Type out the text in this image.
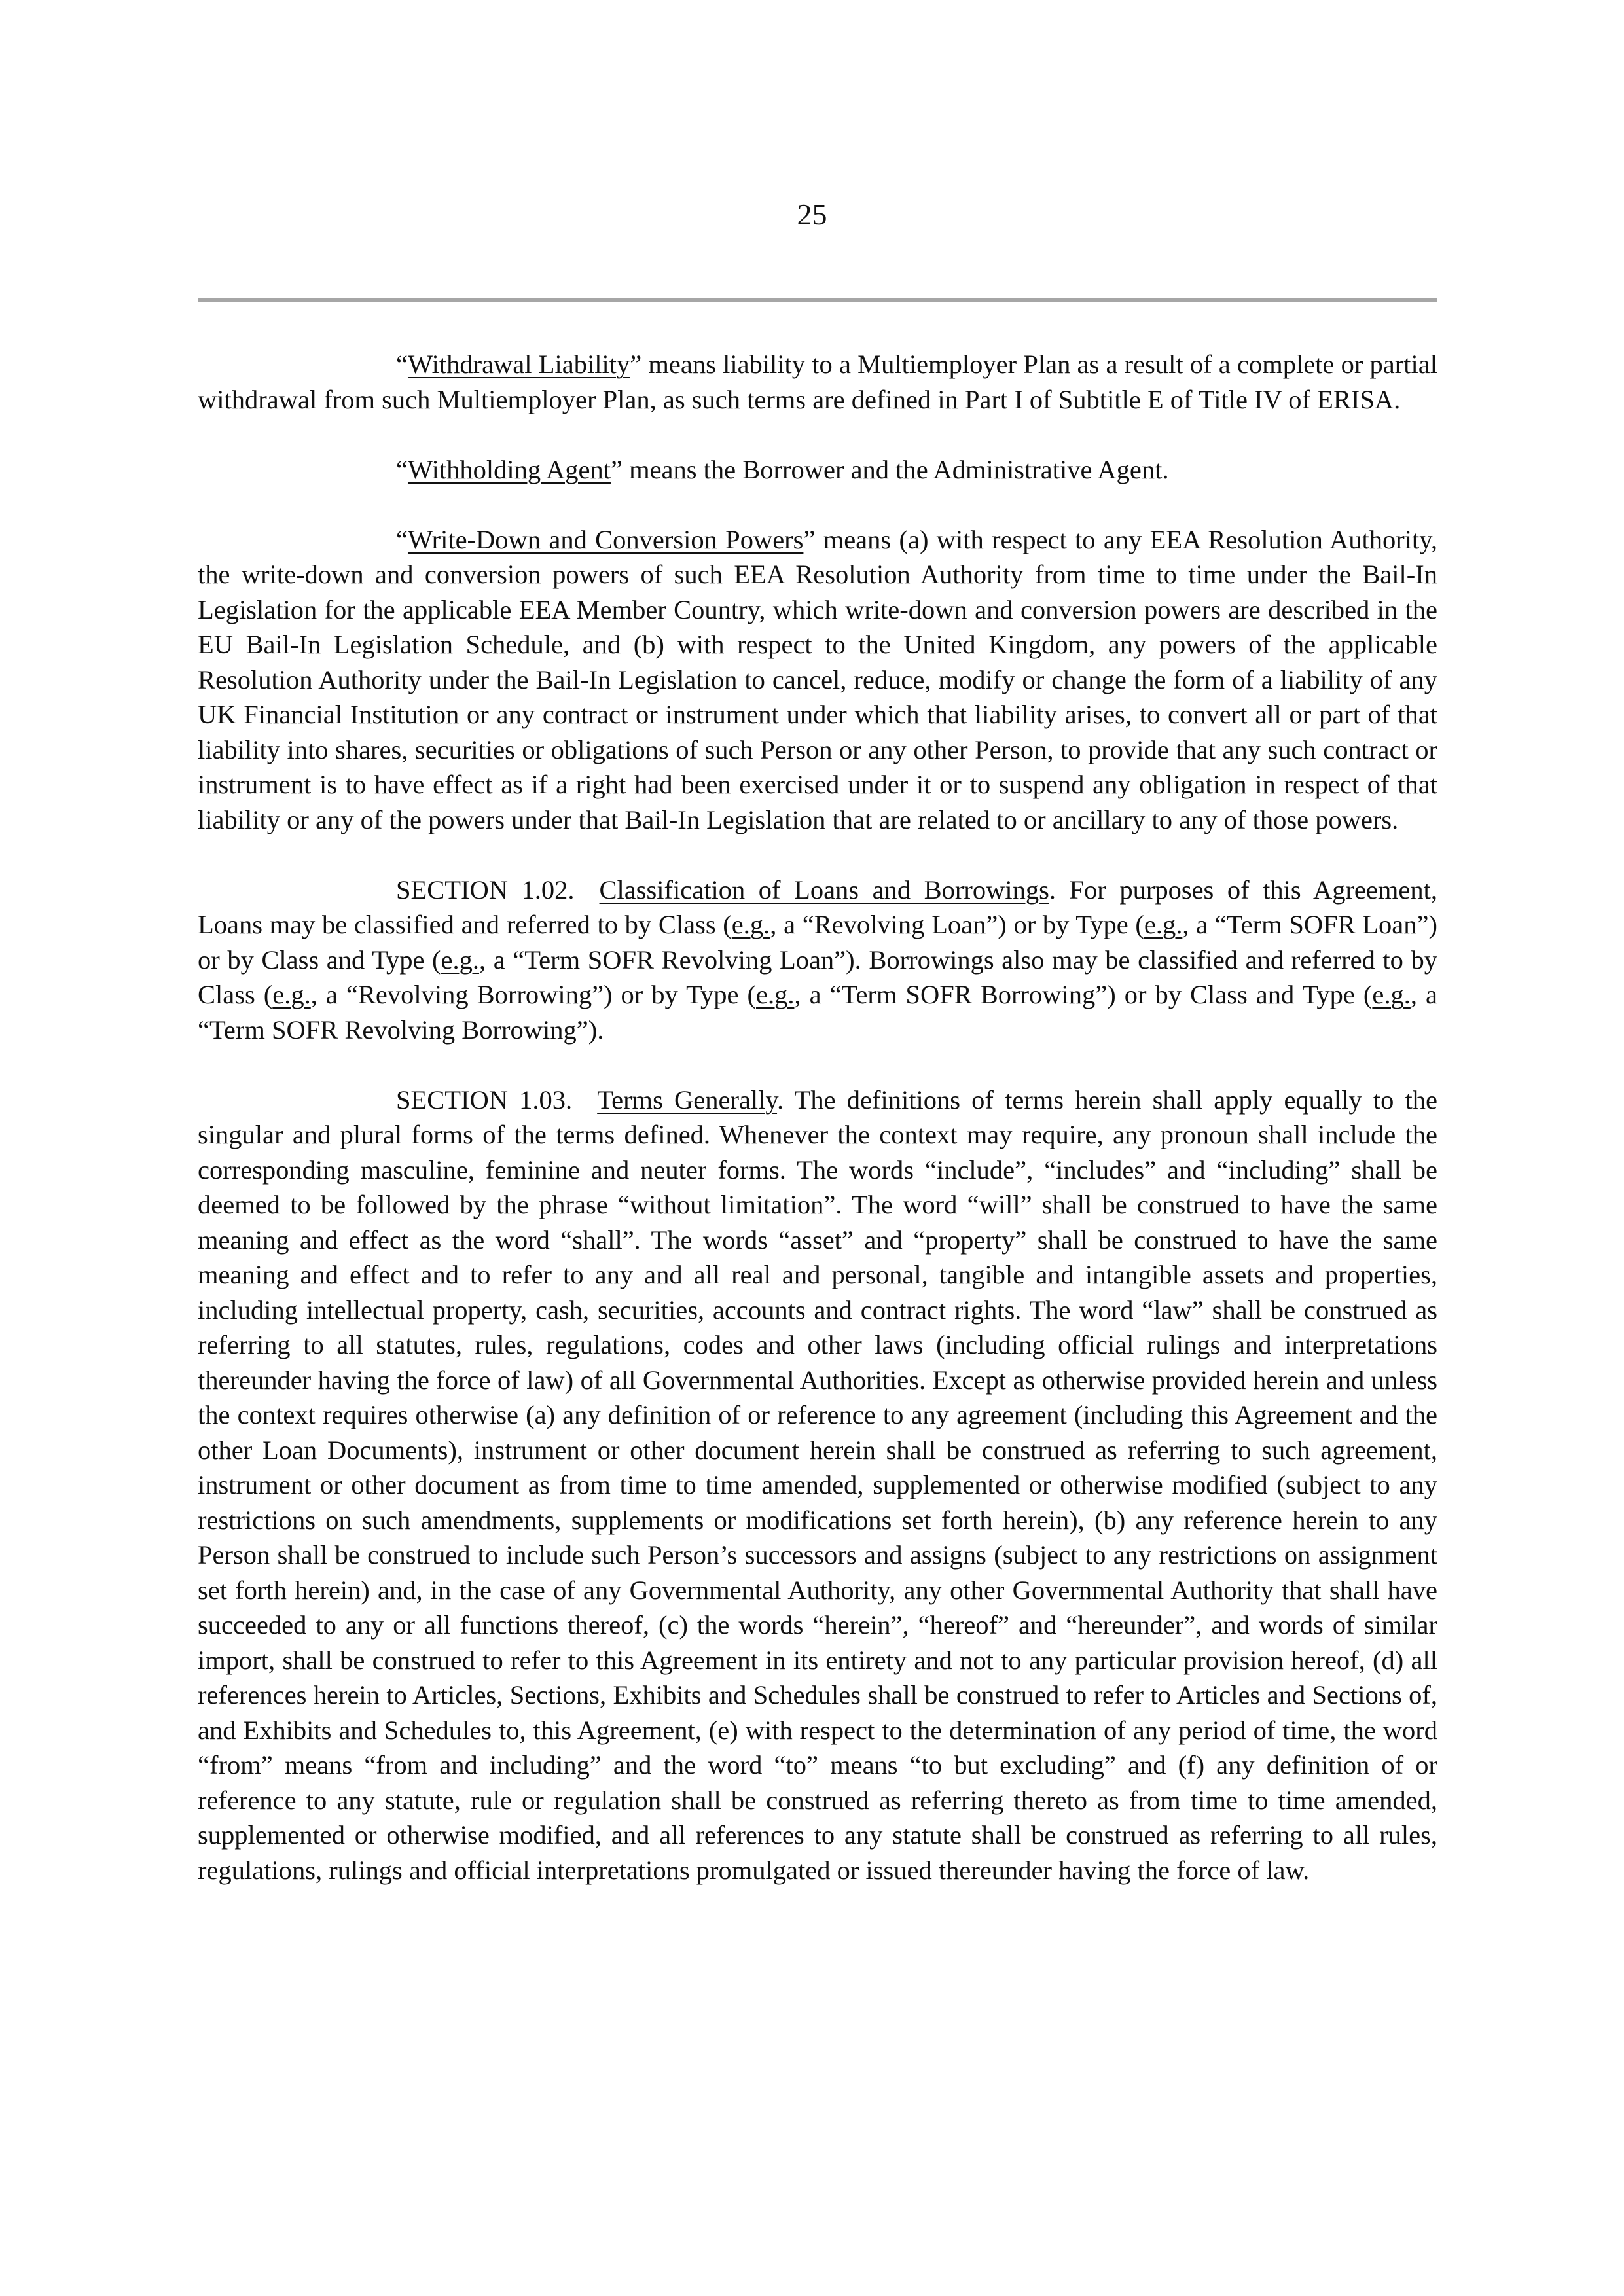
25

“Withdrawal Liability” means liability to a Multiemployer Plan as a result of a complete or partial withdrawal from such Multiemployer Plan, as such terms are defined in Part I of Subtitle E of Title IV of ERISA.

“Withholding Agent” means the Borrower and the Administrative Agent.

“Write-Down and Conversion Powers” means (a) with respect to any EEA Resolution Authority, the write-down and conversion powers of such EEA Resolution Authority from time to time under the Bail-In Legislation for the applicable EEA Member Country, which write-down and conversion powers are described in the EU Bail-In Legislation Schedule, and (b) with respect to the United Kingdom, any powers of the applicable Resolution Authority under the Bail-In Legislation to cancel, reduce, modify or change the form of a liability of any UK Financial Institution or any contract or instrument under which that liability arises, to convert all or part of that liability into shares, securities or obligations of such Person or any other Person, to provide that any such contract or instrument is to have effect as if a right had been exercised under it or to suspend any obligation in respect of that liability or any of the powers under that Bail-In Legislation that are related to or ancillary to any of those powers.

SECTION 1.02. Classification of Loans and Borrowings. For purposes of this Agreement, Loans may be classified and referred to by Class (e.g., a “Revolving Loan”) or by Type (e.g., a “Term SOFR Loan”) or by Class and Type (e.g., a “Term SOFR Revolving Loan”). Borrowings also may be classified and referred to by Class (e.g., a “Revolving Borrowing”) or by Type (e.g., a “Term SOFR Borrowing”) or by Class and Type (e.g., a “Term SOFR Revolving Borrowing”).

SECTION 1.03. Terms Generally. The definitions of terms herein shall apply equally to the singular and plural forms of the terms defined. Whenever the context may require, any pronoun shall include the corresponding masculine, feminine and neuter forms. The words “include”, “includes” and “including” shall be deemed to be followed by the phrase “without limitation”. The word “will” shall be construed to have the same meaning and effect as the word “shall”. The words “asset” and “property” shall be construed to have the same meaning and effect and to refer to any and all real and personal, tangible and intangible assets and properties, including intellectual property, cash, securities, accounts and contract rights. The word “law” shall be construed as referring to all statutes, rules, regulations, codes and other laws (including official rulings and interpretations thereunder having the force of law) of all Governmental Authorities. Except as otherwise provided herein and unless the context requires otherwise (a) any definition of or reference to any agreement (including this Agreement and the other Loan Documents), instrument or other document herein shall be construed as referring to such agreement, instrument or other document as from time to time amended, supplemented or otherwise modified (subject to any restrictions on such amendments, supplements or modifications set forth herein), (b) any reference herein to any Person shall be construed to include such Person’s successors and assigns (subject to any restrictions on assignment set forth herein) and, in the case of any Governmental Authority, any other Governmental Authority that shall have succeeded to any or all functions thereof, (c) the words “herein”, “hereof” and “hereunder”, and words of similar import, shall be construed to refer to this Agreement in its entirety and not to any particular provision hereof, (d) all references herein to Articles, Sections, Exhibits and Schedules shall be construed to refer to Articles and Sections of, and Exhibits and Schedules to, this Agreement, (e) with respect to the determination of any period of time, the word “from” means “from and including” and the word “to” means “to but excluding” and (f) any definition of or reference to any statute, rule or regulation shall be construed as referring thereto as from time to time amended, supplemented or otherwise modified, and all references to any statute shall be construed as referring to all rules, regulations, rulings and official interpretations promulgated or issued thereunder having the force of law.
